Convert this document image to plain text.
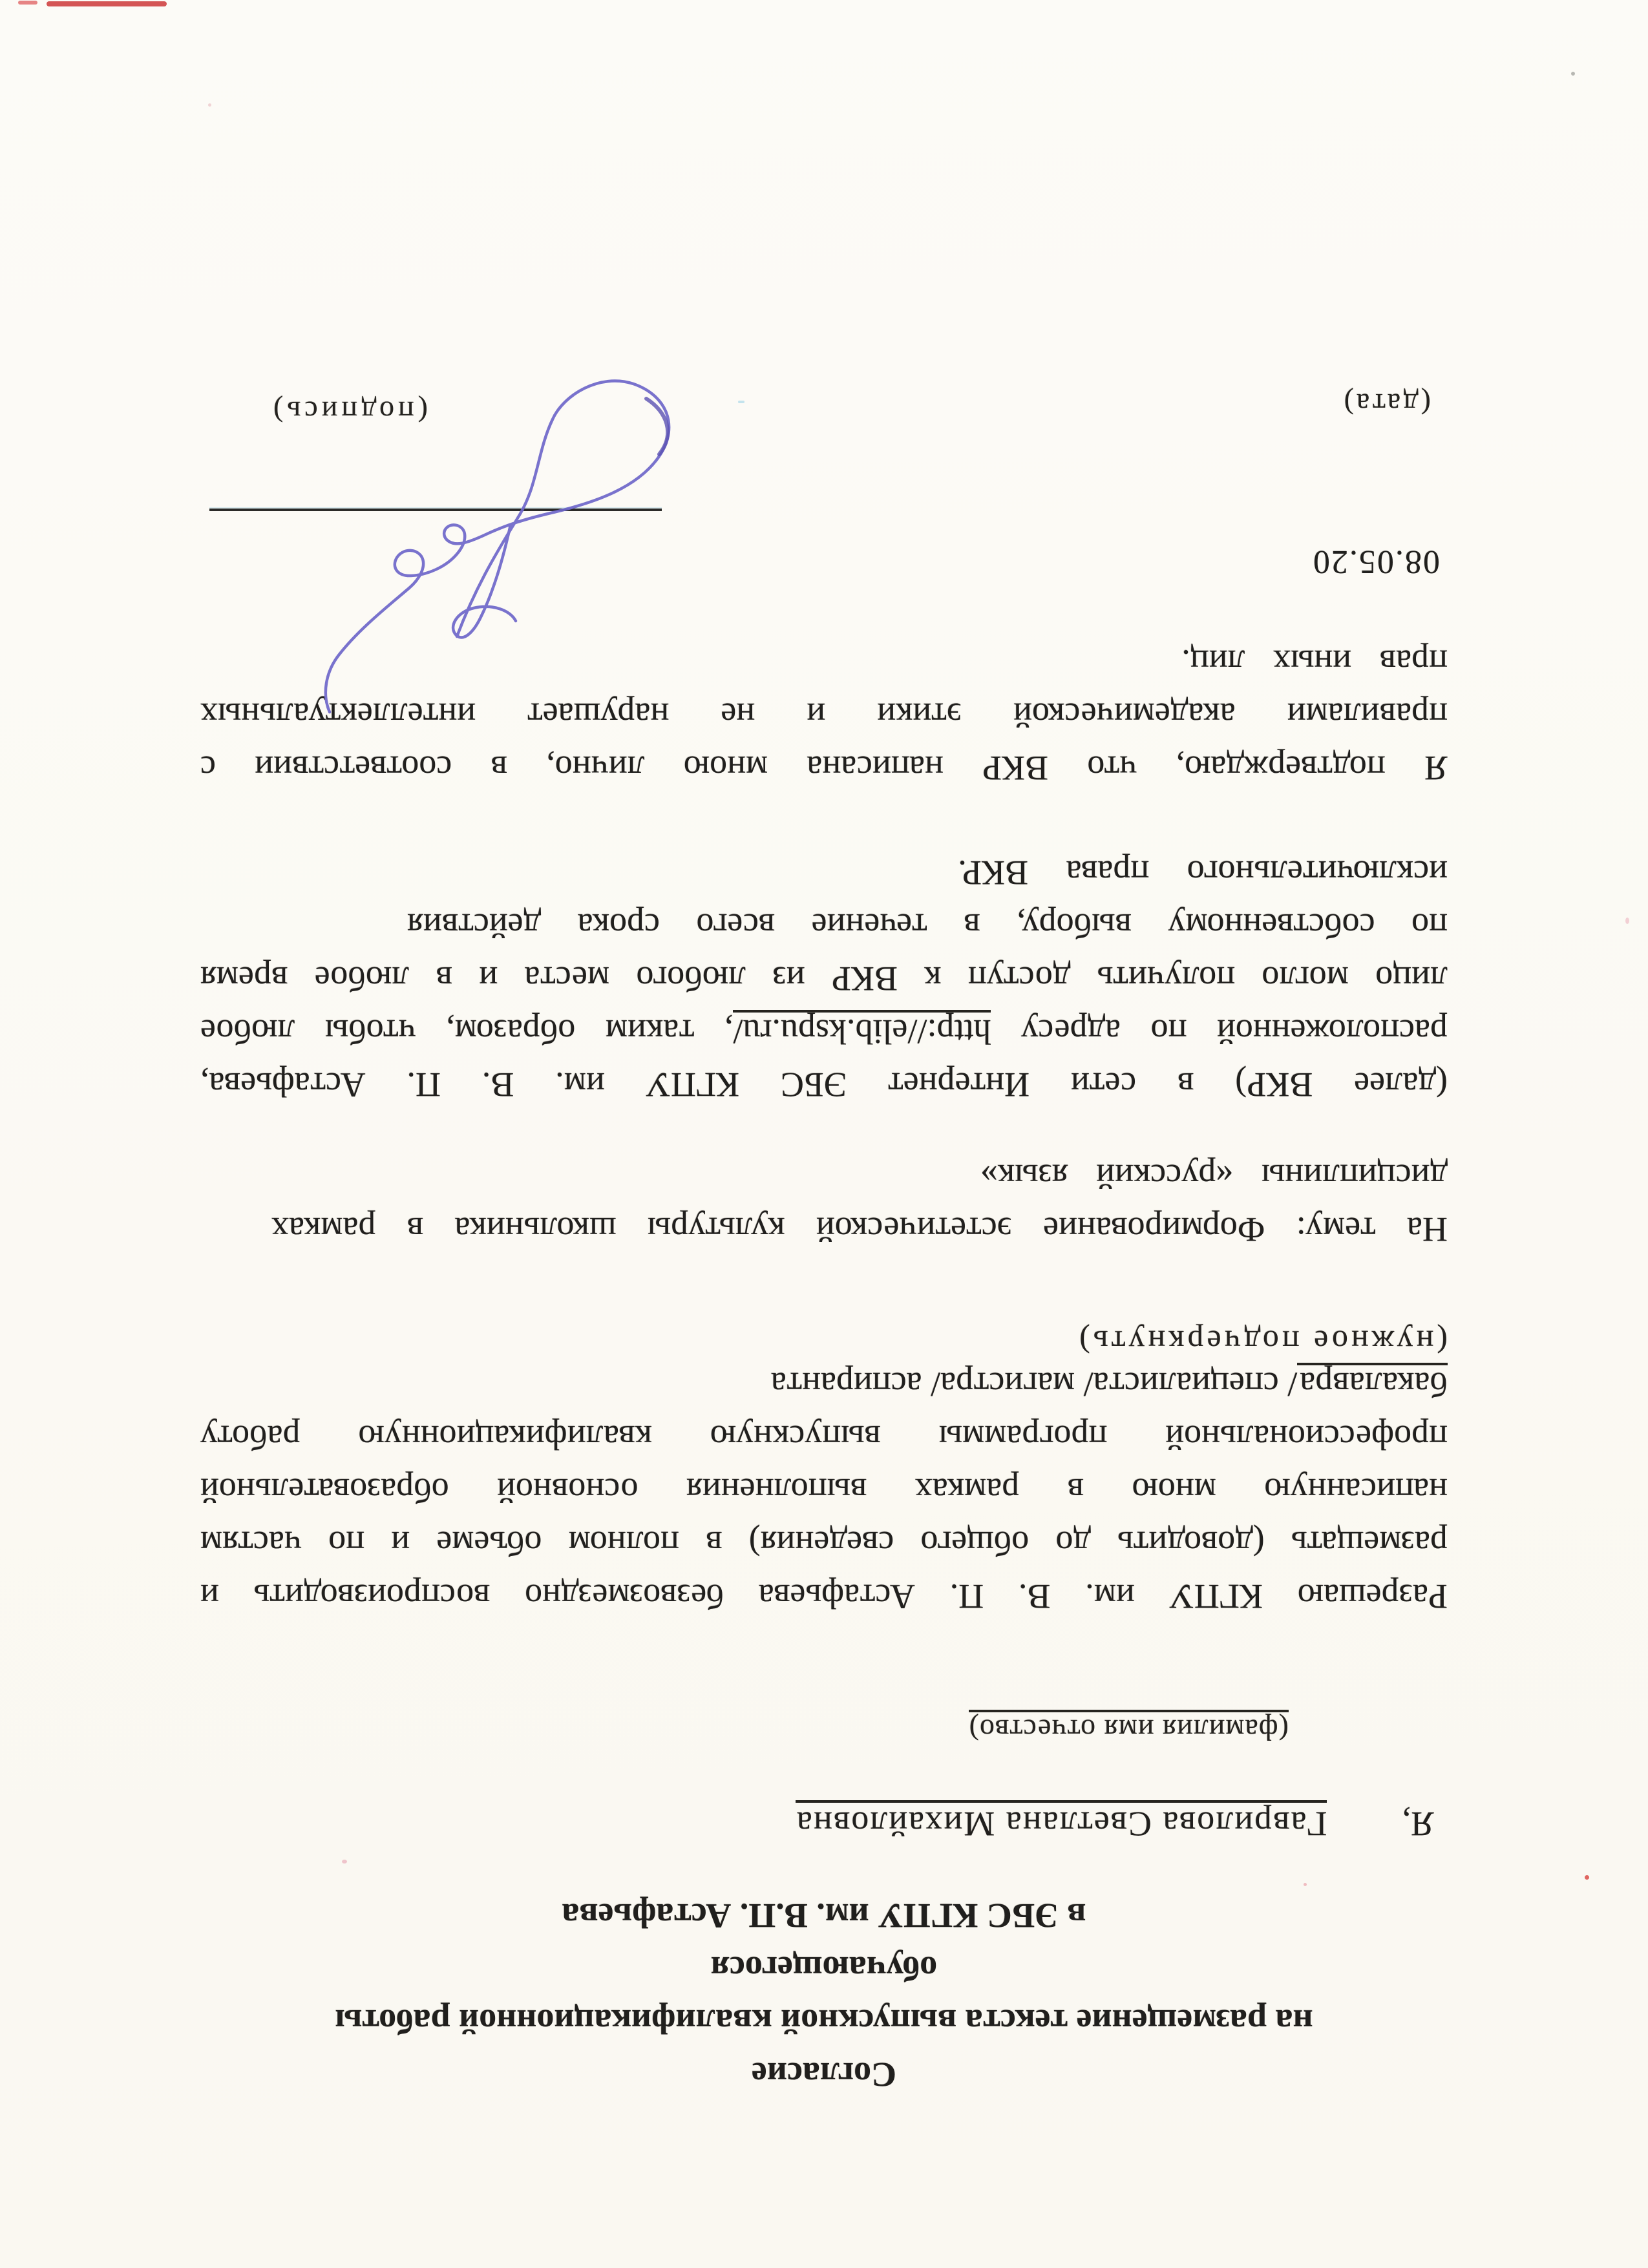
Согласие
на размещение текста выпускной квалификационной работы
обучающегося
в ЭБС КГПУ им. В.П. Астафьева
Я,Гаврилова Светлана Михайловна
(фамилия имя отчество)
Разрешаю КГПУ им. В. П. Астафьева безвозмездно воспроизводить и
размещать (доводить до общего сведения) в полном объеме и по частям
написанную мною в рамках выполнения основной образовательной
профессиональной программы выпускную квалификационную работу
бакалавра/ специалиста/ магистра/ аспиранта
(нужное подчеркнуть)
На тему: Формирование эстетической культуры школьника в рамках
дисциплины «русский язык»
(далее ВКР) в сети Интернет ЭБС КГПУ им. В. П. Астафьева,
расположенной по адресу http://elib.kspu.ru/, таким образом, чтобы любое
лицо могло получить доступ к ВКР из любого места и в любое время
по собственному выбору, в течение всего срока действия
исключительного права ВКР.
Я подтверждаю, что ВКР написана мною лично, в соответствии с
правилами академической этики и не нарушает интеллектуальных
прав иных лиц.
08.05.20
(дата)
(подпись)
